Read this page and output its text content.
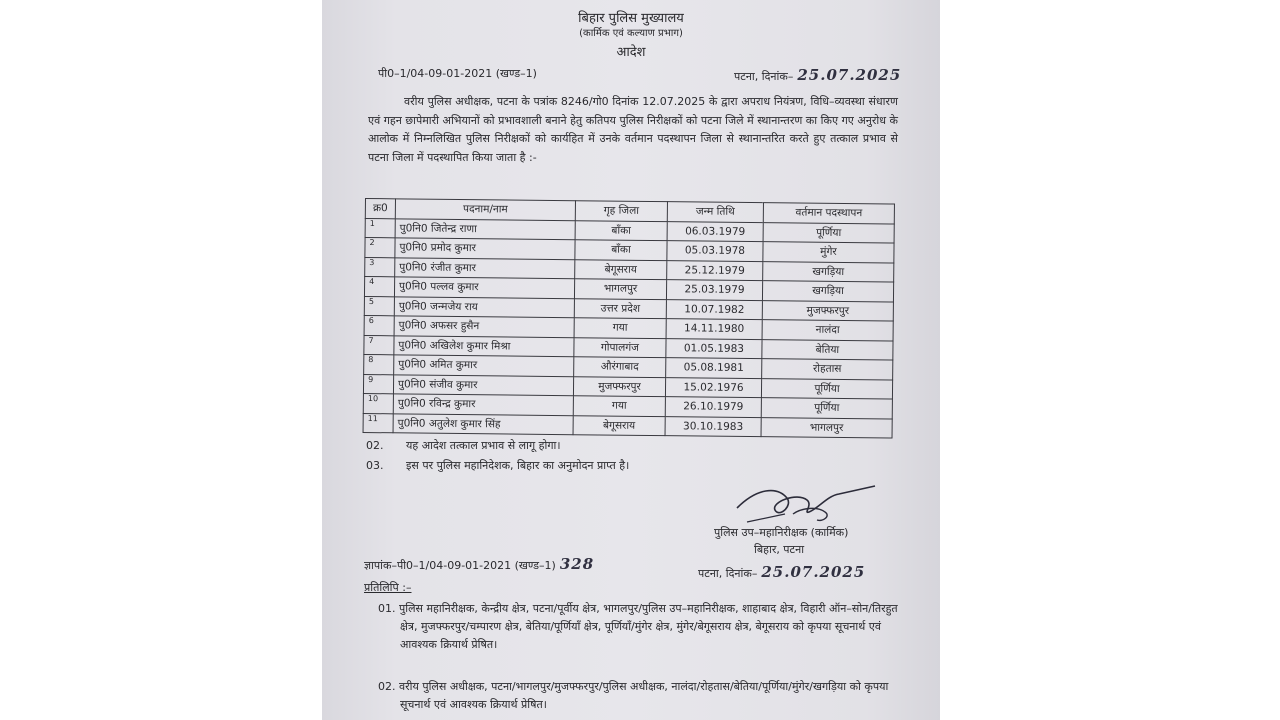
बिहार पुलिस मुख्यालय
(कार्मिक एवं कल्याण प्रभाग)
आदेश
पी0–1/04-09-01-2021 (खण्ड–1)	पटना, दिनांक– 25.07.2025
वरीय पुलिस अधीक्षक, पटना के पत्रांक 8246/गो0 दिनांक 12.07.2025 के द्वारा अपराध नियंत्रण, विधि–व्यवस्था संधारण एवं गहन छापेमारी अभियानों को प्रभावशाली बनाने हेतु कतिपय पुलिस निरीक्षकों को पटना जिले में स्थानान्तरण का किए गए अनुरोध के आलोक में निम्नलिखित पुलिस निरीक्षकों को कार्यहित में उनके वर्तमान पदस्थापन जिला से स्थानान्तरित करते हुए तत्काल प्रभाव से पटना जिला में पदस्थापित किया जाता है :-
क्र0	पदनाम/नाम	गृह जिला	जन्म तिथि	वर्तमान पदस्थापन
1	पु0नि0 जितेन्द्र राणा	बाँका	06.03.1979	पूर्णिया
2	पु0नि0 प्रमोद कुमार	बाँका	05.03.1978	मुंगेर
3	पु0नि0 रंजीत कुमार	बेगूसराय	25.12.1979	खगड़िया
4	पु0नि0 पल्लव कुमार	भागलपुर	25.03.1979	खगड़िया
5	पु0नि0 जन्मजेय राय	उत्तर प्रदेश	10.07.1982	मुजफ्फरपुर
6	पु0नि0 अफसर हुसैन	गया	14.11.1980	नालंदा
7	पु0नि0 अखिलेश कुमार मिश्रा	गोपालगंज	01.05.1983	बेतिया
8	पु0नि0 अमित कुमार	औरंगाबाद	05.08.1981	रोहतास
9	पु0नि0 संजीव कुमार	मुजफ्फरपुर	15.02.1976	पूर्णिया
10	पु0नि0 रविन्द्र कुमार	गया	26.10.1979	पूर्णिया
11	पु0नि0 अतुलेश कुमार सिंह	बेगूसराय	30.10.1983	भागलपुर
02. यह आदेश तत्काल प्रभाव से लागू होगा।
03. इस पर पुलिस महानिदेशक, बिहार का अनुमोदन प्राप्त है।
पुलिस उप–महानिरीक्षक (कार्मिक)
बिहार, पटना
ज्ञापांक–पी0–1/04-09-01-2021 (खण्ड–1) 328
पटना, दिनांक– 25.07.2025
प्रतिलिपि :–
01. पुलिस महानिरीक्षक, केन्द्रीय क्षेत्र, पटना/पूर्वीय क्षेत्र, भागलपुर/पुलिस उप–महानिरीक्षक, शाहाबाद क्षेत्र, विहारी ऑन–सोन/तिरहुत क्षेत्र, मुजफ्फरपुर/चम्पारण क्षेत्र, बेतिया/पूर्णियाँ क्षेत्र, पूर्णियाँ/मुंगेर क्षेत्र, मुंगेर/बेगूसराय क्षेत्र, बेगूसराय को कृपया सूचनार्थ एवं आवश्यक क्रियार्थ प्रेषित।
02. वरीय पुलिस अधीक्षक, पटना/भागलपुर/मुजफ्फरपुर/पुलिस अधीक्षक, नालंदा/रोहतास/बेतिया/पूर्णिया/मुंगेर/खगड़िया को कृपया सूचनार्थ एवं आवश्यक क्रियार्थ प्रेषित।
